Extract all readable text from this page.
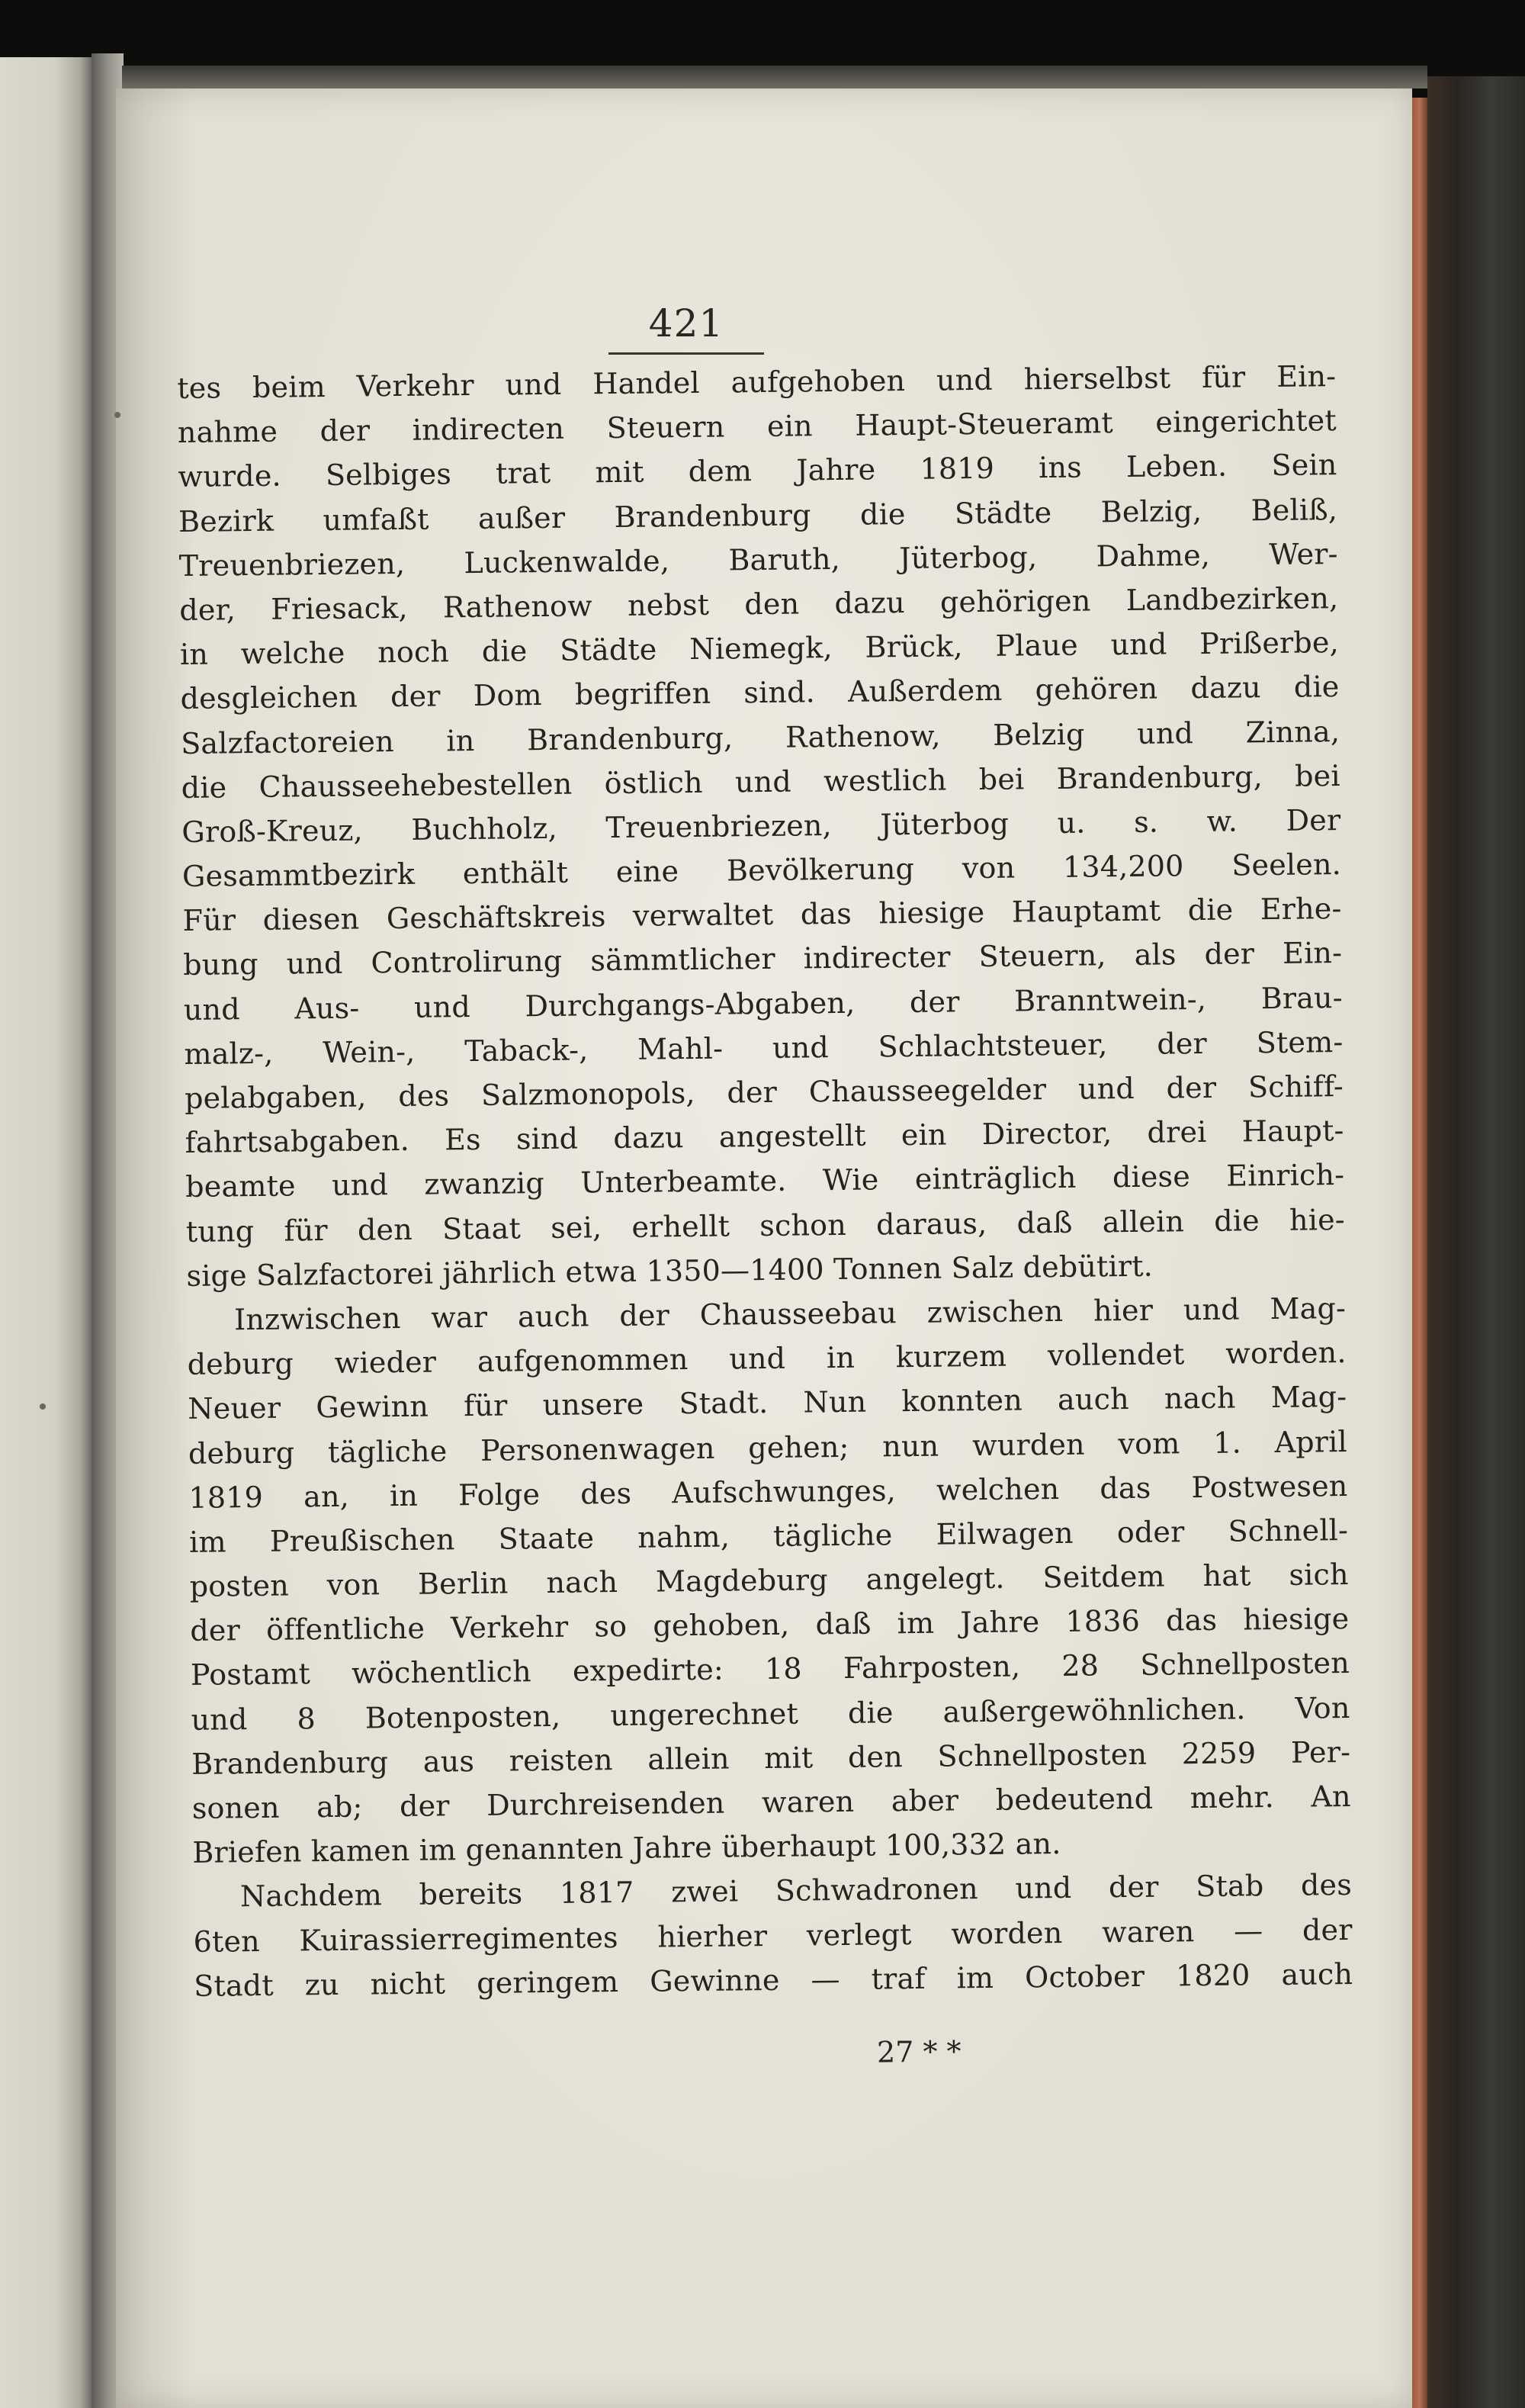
421
tes beim Verkehr und Handel aufgehoben und hierselbst für Ein-
nahme der indirecten Steuern ein Haupt-Steueramt eingerichtet
wurde. Selbiges trat mit dem Jahre 1819 ins Leben. Sein
Bezirk umfaßt außer Brandenburg die Städte Belzig, Beliß,
Treuenbriezen, Luckenwalde, Baruth, Jüterbog, Dahme, Wer-
der, Friesack, Rathenow nebst den dazu gehörigen Landbezirken,
in welche noch die Städte Niemegk, Brück, Plaue und Prißerbe,
desgleichen der Dom begriffen sind. Außerdem gehören dazu die
Salzfactoreien in Brandenburg, Rathenow, Belzig und Zinna,
die Chausseehebestellen östlich und westlich bei Brandenburg, bei
Groß-Kreuz, Buchholz, Treuenbriezen, Jüterbog u. s. w. Der
Gesammtbezirk enthält eine Bevölkerung von 134,200 Seelen.
Für diesen Geschäftskreis verwaltet das hiesige Hauptamt die Erhe-
bung und Controlirung sämmtlicher indirecter Steuern, als der Ein-
und Aus- und Durchgangs-Abgaben, der Branntwein-, Brau-
malz-, Wein-, Taback-, Mahl- und Schlachtsteuer, der Stem-
pelabgaben, des Salzmonopols, der Chausseegelder und der Schiff-
fahrtsabgaben. Es sind dazu angestellt ein Director, drei Haupt-
beamte und zwanzig Unterbeamte. Wie einträglich diese Einrich-
tung für den Staat sei, erhellt schon daraus, daß allein die hie-
sige Salzfactorei jährlich etwa 1350—1400 Tonnen Salz debütirt.
Inzwischen war auch der Chausseebau zwischen hier und Mag-
deburg wieder aufgenommen und in kurzem vollendet worden.
Neuer Gewinn für unsere Stadt. Nun konnten auch nach Mag-
deburg tägliche Personenwagen gehen; nun wurden vom 1. April
1819 an, in Folge des Aufschwunges, welchen das Postwesen
im Preußischen Staate nahm, tägliche Eilwagen oder Schnell-
posten von Berlin nach Magdeburg angelegt. Seitdem hat sich
der öffentliche Verkehr so gehoben, daß im Jahre 1836 das hiesige
Postamt wöchentlich expedirte: 18 Fahrposten, 28 Schnellposten
und 8 Botenposten, ungerechnet die außergewöhnlichen. Von
Brandenburg aus reisten allein mit den Schnellposten 2259 Per-
sonen ab; der Durchreisenden waren aber bedeutend mehr. An
Briefen kamen im genannten Jahre überhaupt 100,332 an.
Nachdem bereits 1817 zwei Schwadronen und der Stab des
6ten Kuirassierregimentes hierher verlegt worden waren — der
Stadt zu nicht geringem Gewinne — traf im October 1820 auch
27 * *
